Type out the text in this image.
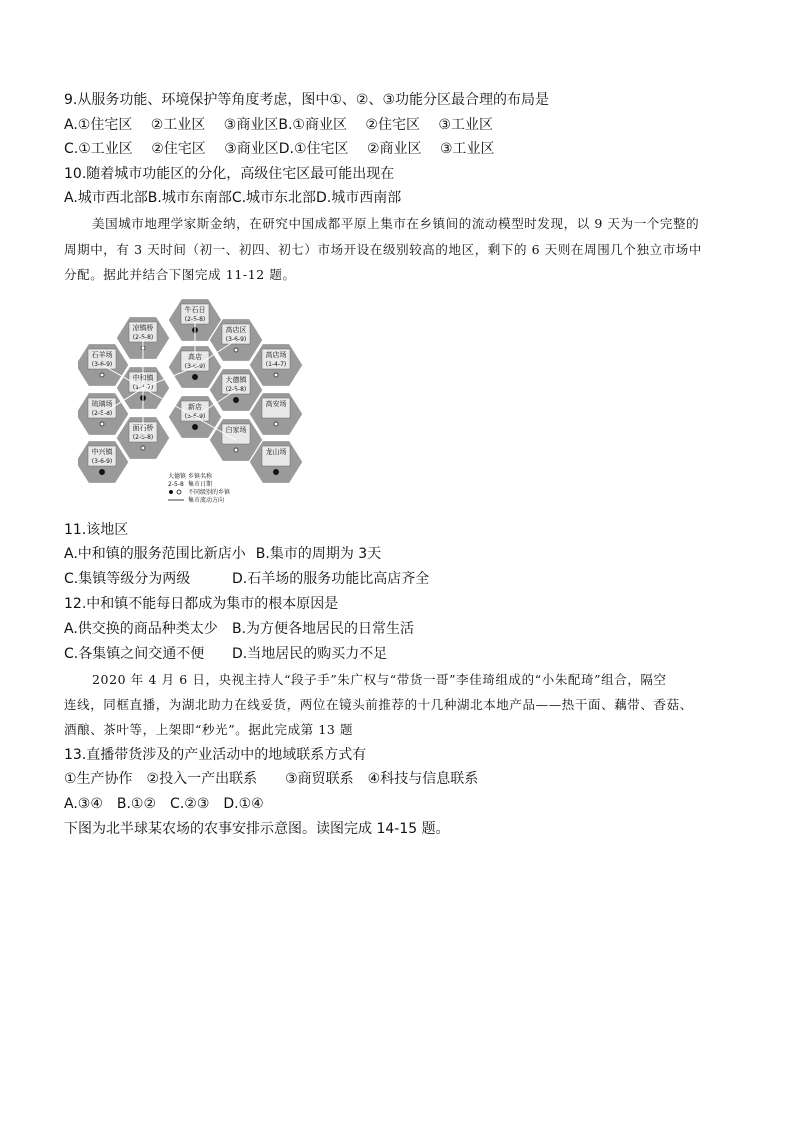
9.从服务功能、环境保护等角度考虑，图中①、②、③功能分区最合理的布局是
A.①住宅区　 ②工业区　 ③商业区B.①商业区　 ②住宅区　 ③工业区
C.①工业区　 ②住宅区　 ③商业区D.①住宅区　 ②商业区　 ③工业区
10.随着城市功能区的分化，高级住宅区最可能出现在
A.城市西北部B.城市东南部C.城市东北部D.城市西南部
美国城市地理学家斯金纳，在研究中国成都平原上集市在乡镇间的流动模型时发现，以 9 天为一个完整的
周期中，有 3 天时间（初一、初四、初七）市场开设在级别较高的地区，剩下的 6 天则在周围几个独立市场中
分配。据此并结合下图完成 11-12 题。
牛石日
(2-5-8)
凉镇桥
(2-5-8)
高店区
(3-6-9)
石羊场
(3-6-9)
高店
(3-6-9)
高店场
(1-4-7)
中和镇
(1-4-7)
大德镇
(2-5-8)
琉璃场
(2-5-8)
新店
(3-6-9)
高安场
面石桥
(2-5-8)
白家场
中兴镇
(3-6-9)
龙山场
大德镇
2-5-8
乡镇名称
集市日期
不同级别的乡镇
集市流动方向
11.该地区
A.中和镇的服务范围比新店小 B.集市的周期为 3天
C.集镇等级分为两级	D.石羊场的服务功能比高店齐全
12.中和镇不能每日都成为集市的根本原因是
A.供交换的商品种类太少 B.为方便各地居民的日常生活
C.各集镇之间交通不便 D.当地居民的购买力不足
2020 年 4 月 6 日，央视主持人“段子手”朱广权与“带货一哥”李佳琦组成的“小朱配琦”组合，隔空
连线，同框直播，为湖北助力在线妥货，两位在镜头前推荐的十几种湖北本地产品——热干面、藕带、香菇、
酒酿、茶叶等，上架即“秒光”。据此完成第 13 题
13.直播带货涉及的产业活动中的地域联系方式有
①生产协作　②投入一产出联系　　③商贸联系　④科技与信息联系
A.③④　B.①②　C.②③　D.①④
下图为北半球某农场的农事安排示意图。读图完成 14-15 题。
